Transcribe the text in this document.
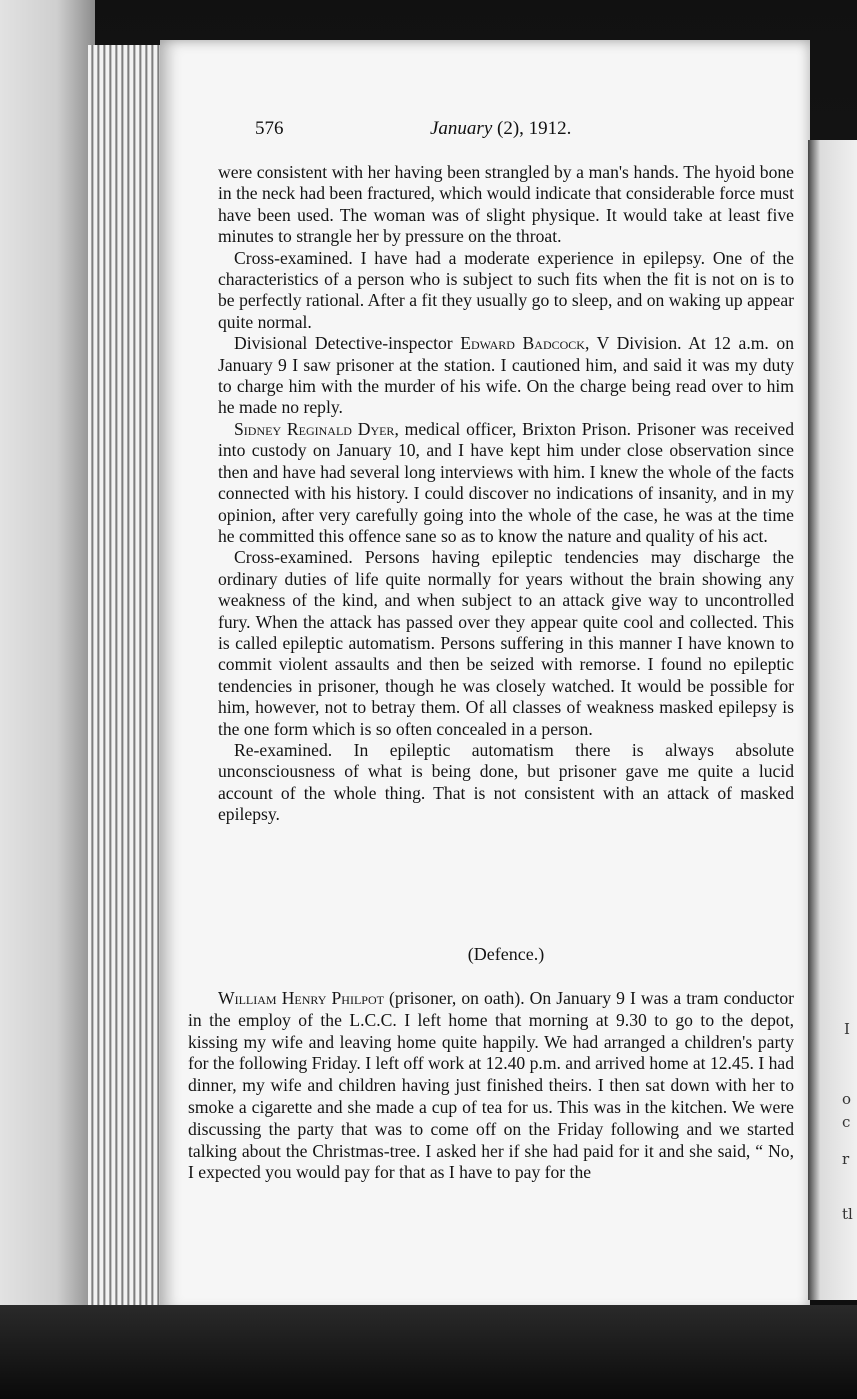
I
o
c
r
tl
576	January (2), 1912.

were consistent with her having been strangled by a man's hands. The hyoid bone in the neck had been fractured, which would indicate that considerable force must have been used. The woman was of slight physique. It would take at least five minutes to strangle her by pressure on the throat.

Cross-examined. I have had a moderate experience in epilepsy. One of the characteristics of a person who is subject to such fits when the fit is not on is to be perfectly rational. After a fit they usually go to sleep, and on waking up appear quite normal.

Divisional Detective-inspector Edward Badcock, V Division. At 12 a.m. on January 9 I saw prisoner at the station. I cautioned him, and said it was my duty to charge him with the murder of his wife. On the charge being read over to him he made no reply.

Sidney Reginald Dyer, medical officer, Brixton Prison. Prisoner was received into custody on January 10, and I have kept him under close observation since then and have had several long interviews with him. I knew the whole of the facts connected with his history. I could discover no indications of insanity, and in my opinion, after very carefully going into the whole of the case, he was at the time he committed this offence sane so as to know the nature and quality of his act.

Cross-examined. Persons having epileptic tendencies may discharge the ordinary duties of life quite normally for years without the brain showing any weakness of the kind, and when subject to an attack give way to uncontrolled fury. When the attack has passed over they appear quite cool and collected. This is called epileptic automatism. Persons suffering in this manner I have known to commit violent assaults and then be seized with remorse. I found no epileptic tendencies in prisoner, though he was closely watched. It would be possible for him, however, not to betray them. Of all classes of weakness masked epilepsy is the one form which is so often concealed in a person.

Re-examined. In epileptic automatism there is always absolute unconsciousness of what is being done, but prisoner gave me quite a lucid account of the whole thing. That is not consistent with an attack of masked epilepsy.

(Defence.)

William Henry Philpot (prisoner, on oath). On January 9 I was a tram conductor in the employ of the L.C.C. I left home that morning at 9.30 to go to the depot, kissing my wife and leaving home quite happily. We had arranged a children's party for the following Friday. I left off work at 12.40 p.m. and arrived home at 12.45. I had dinner, my wife and children having just finished theirs. I then sat down with her to smoke a cigarette and she made a cup of tea for us. This was in the kitchen. We were discussing the party that was to come off on the Friday following and we started talking about the Christmas-tree. I asked her if she had paid for it and she said, “ No, I expected you would pay for that as I have to pay for the
